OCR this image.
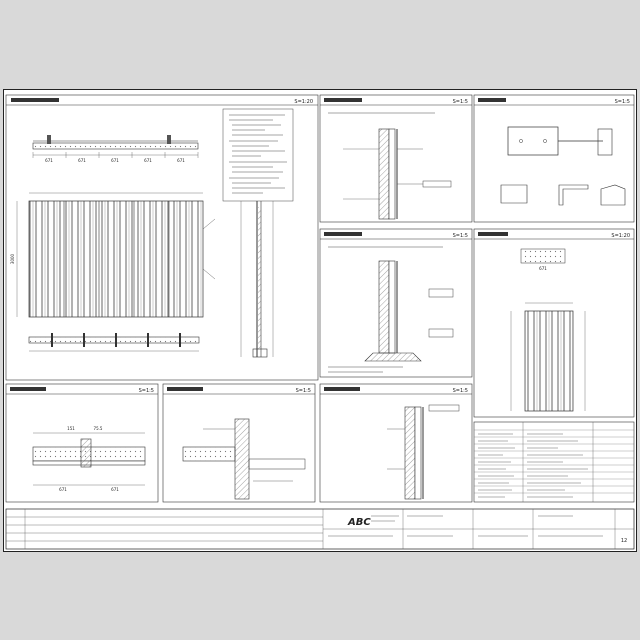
S=1:20
671	671	671	671	671
3000
S=1:5	S=1:5
S=1:5	S=1:20
671
S=1:5
151	75.5
671	671
S=1:5	S=1:5
ABC
12
